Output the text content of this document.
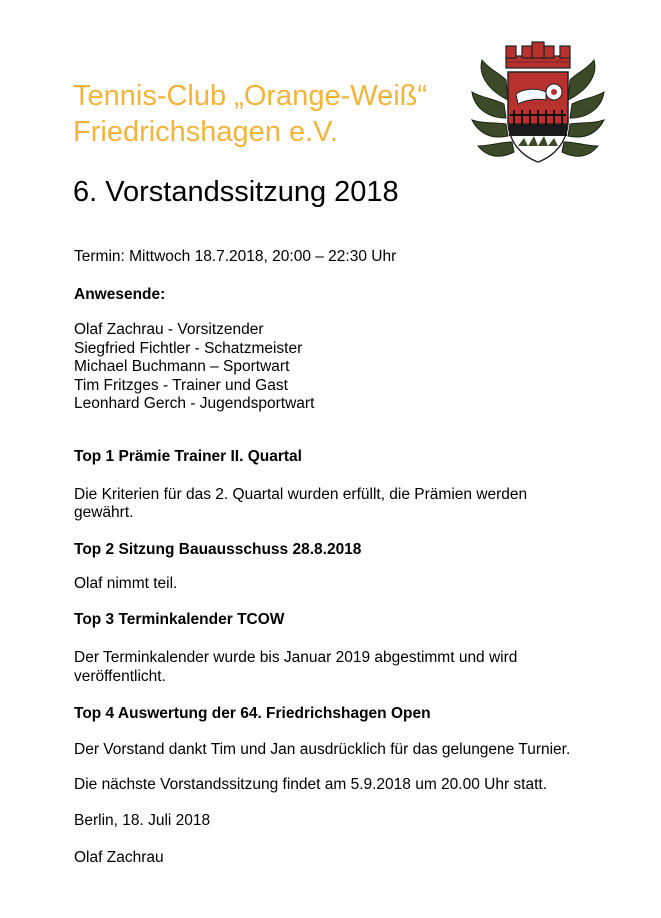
Tennis-Club „Orange-Weiß“
Friedrichshagen e.V.
6. Vorstandssitzung 2018
Termin: Mittwoch 18.7.2018, 20:00 – 22:30 Uhr
Anwesende:
Olaf Zachrau - Vorsitzender
Siegfried Fichtler - Schatzmeister
Michael Buchmann – Sportwart
Tim Fritzges - Trainer und Gast
Leonhard Gerch - Jugendsportwart
Top 1 Prämie Trainer II. Quartal
Die Kriterien für das 2. Quartal wurden erfüllt, die Prämien werden
gewährt.
Top 2 Sitzung Bauausschuss 28.8.2018
Olaf nimmt teil.
Top 3 Terminkalender TCOW
Der Terminkalender wurde bis Januar 2019 abgestimmt und wird
veröffentlicht.
Top 4 Auswertung der 64. Friedrichshagen Open
Der Vorstand dankt Tim und Jan ausdrücklich für das gelungene Turnier.
Die nächste Vorstandssitzung findet am 5.9.2018 um 20.00 Uhr statt.
Berlin, 18. Juli 2018
Olaf Zachrau
